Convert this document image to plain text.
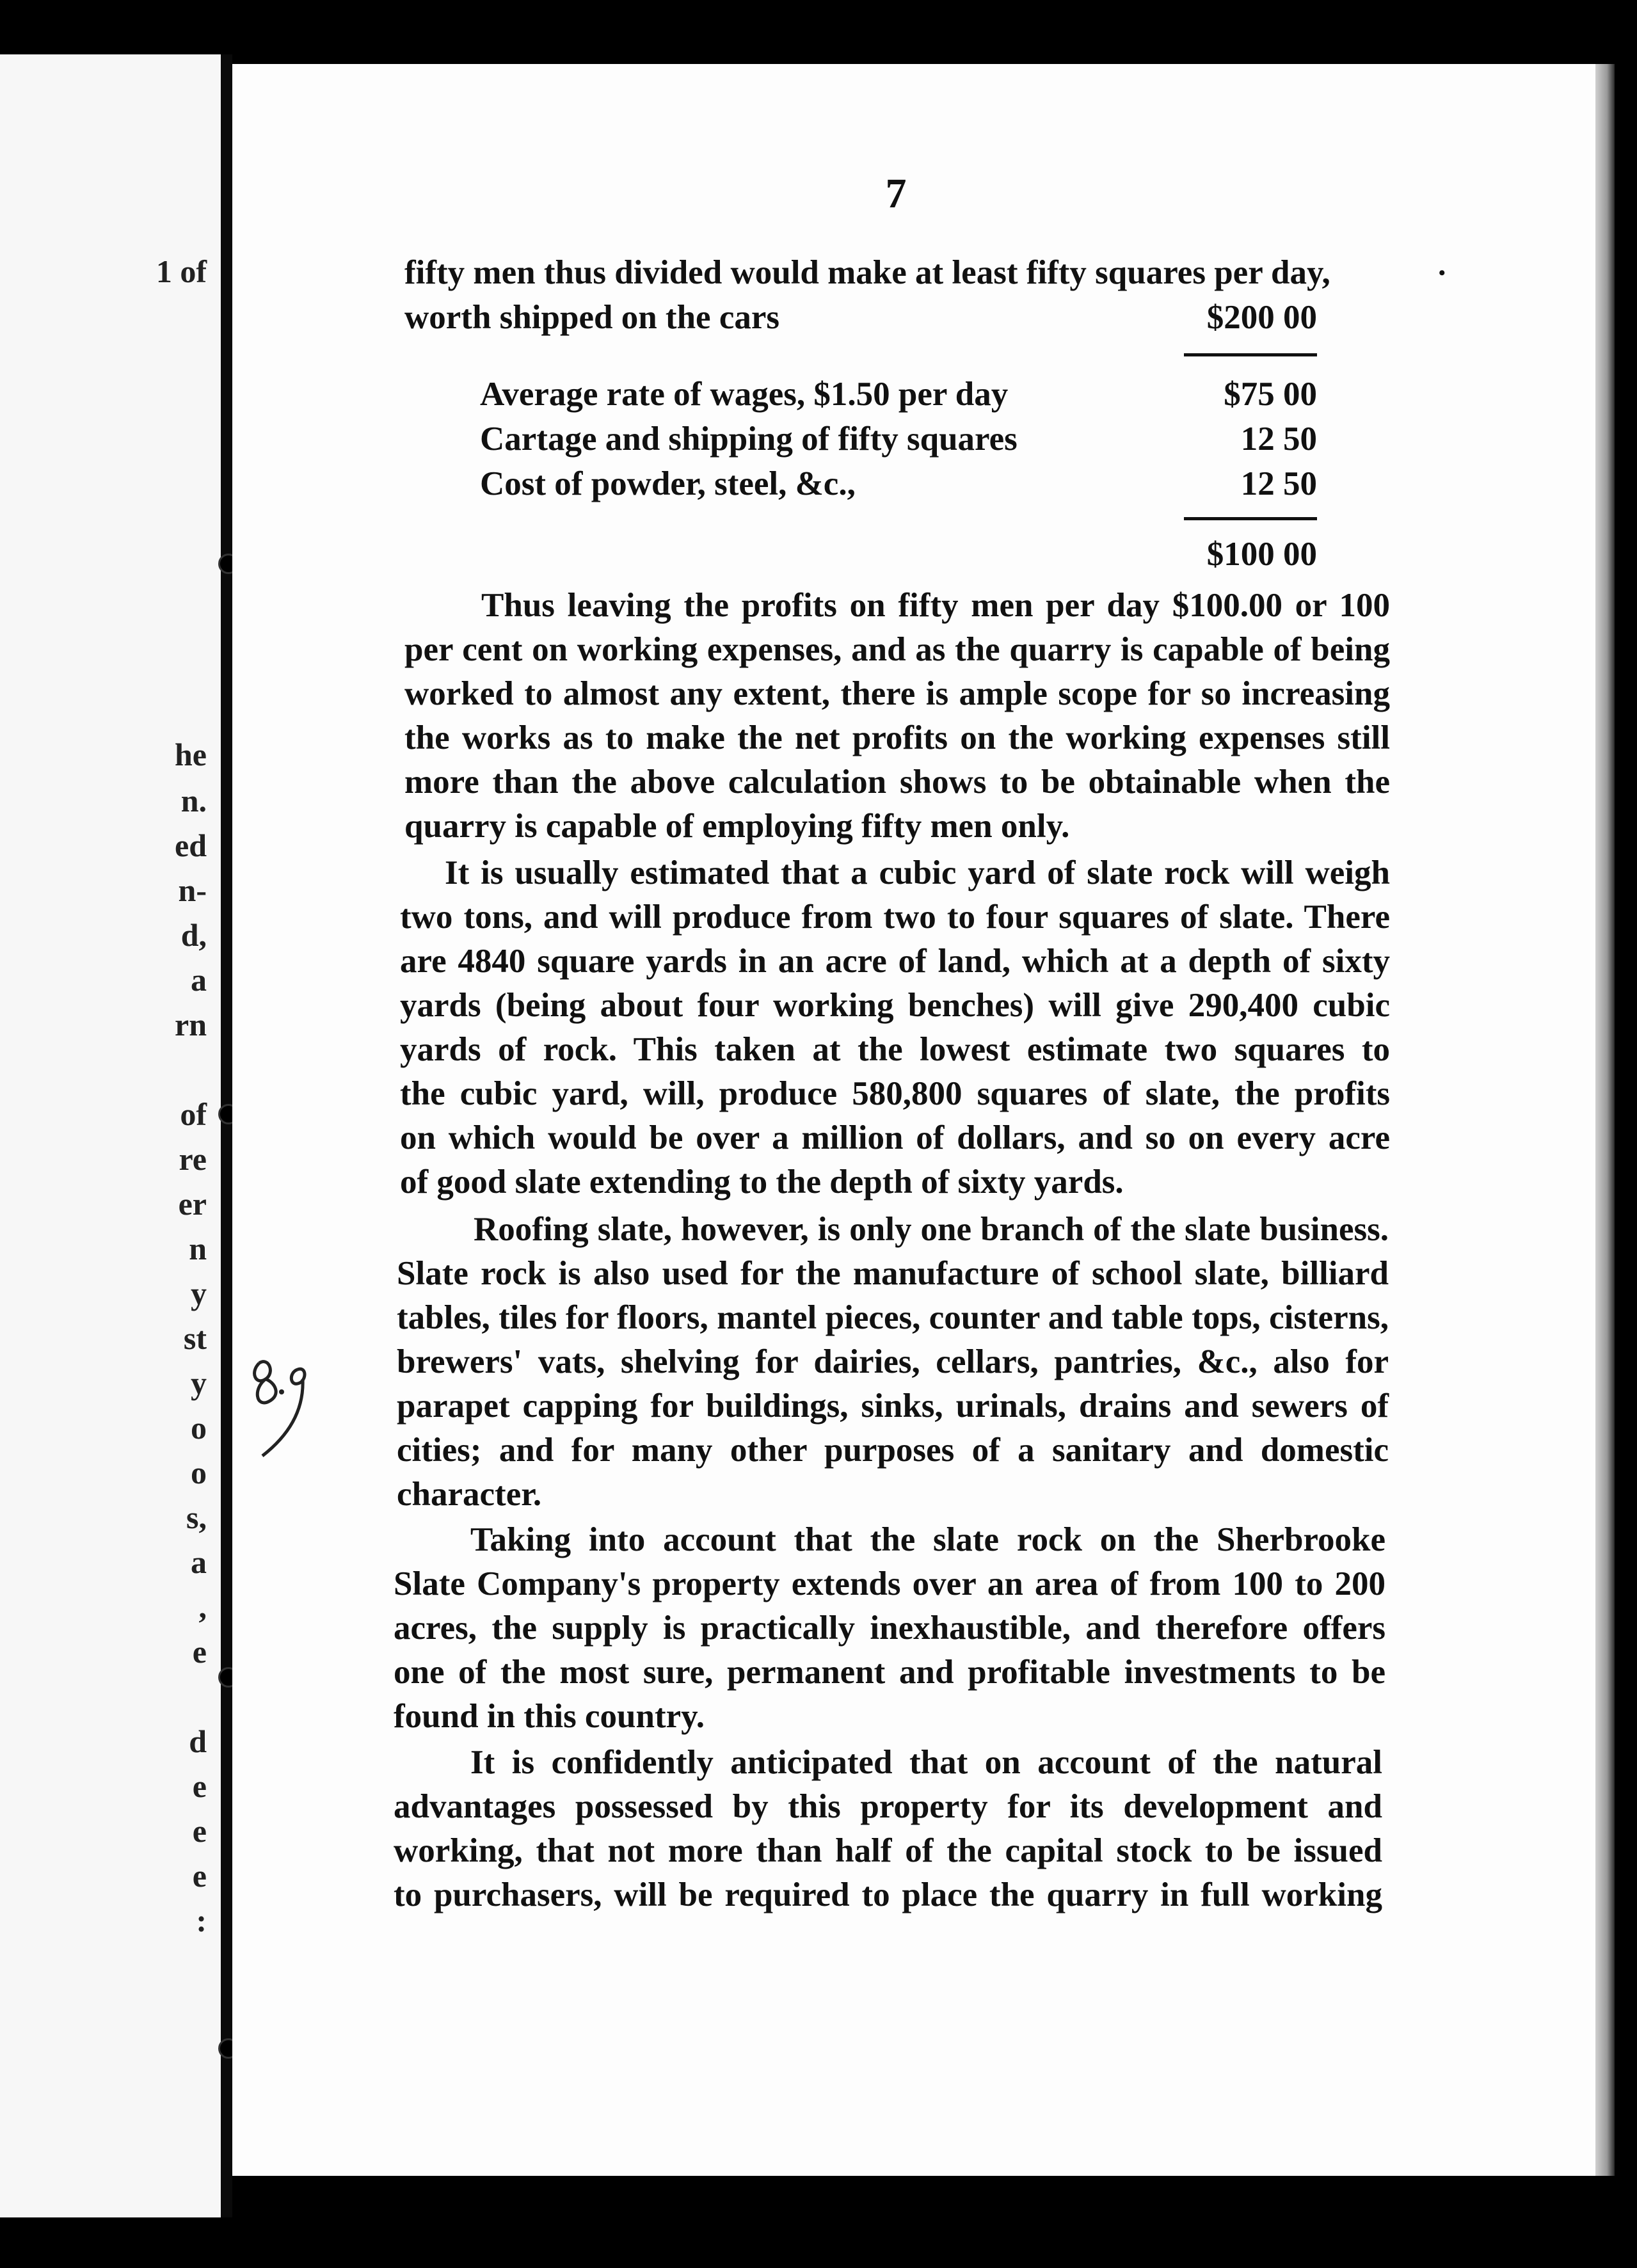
1 of
he
n.
ed
n-
d,
a
rn
of
re
er
n
y
st
y
o
o
s,
a
,
e
d
e
e
e
:
7
•
fifty men thus divided would make at least fifty squares per day,
worth shipped on the cars	$200 00
Average rate of wages, $1.50 per day	$75 00
Cartage and shipping of fifty squares	12 50
Cost of powder, steel, &c.,	12 50
$100 00
Thus leaving the profits on fifty men per day $100.00 or 100
per cent on working expenses, and as the quarry is capable of being
worked to almost any extent, there is ample scope for so increasing
the works as to make the net profits on the working expenses still
more than the above calculation shows to be obtainable when the
quarry is capable of employing fifty men only.
It is usually estimated that a cubic yard of slate rock will weigh
two tons, and will produce from two to four squares of slate. There
are 4840 square yards in an acre of land, which at a depth of sixty
yards (being about four working benches) will give 290,400 cubic
yards of rock. This taken at the lowest estimate two squares to
the cubic yard, will, produce 580,800 squares of slate, the profits
on which would be over a million of dollars, and so on every acre
of good slate extending to the depth of sixty yards.
Roofing slate, however, is only one branch of the slate business.
Slate rock is also used for the manufacture of school slate, billiard
tables, tiles for floors, mantel pieces, counter and table tops, cisterns,
brewers' vats, shelving for dairies, cellars, pantries, &c., also for
parapet capping for buildings, sinks, urinals, drains and sewers of
cities; and for many other purposes of a sanitary and domestic
character.
Taking into account that the slate rock on the Sherbrooke
Slate Company's property extends over an area of from 100 to 200
acres, the supply is practically inexhaustible, and therefore offers
one of the most sure, permanent and profitable investments to be
found in this country.
It is confidently anticipated that on account of the natural
advantages possessed by this property for its development and
working, that not more than half of the capital stock to be issued
to purchasers, will be required to place the quarry in full working
